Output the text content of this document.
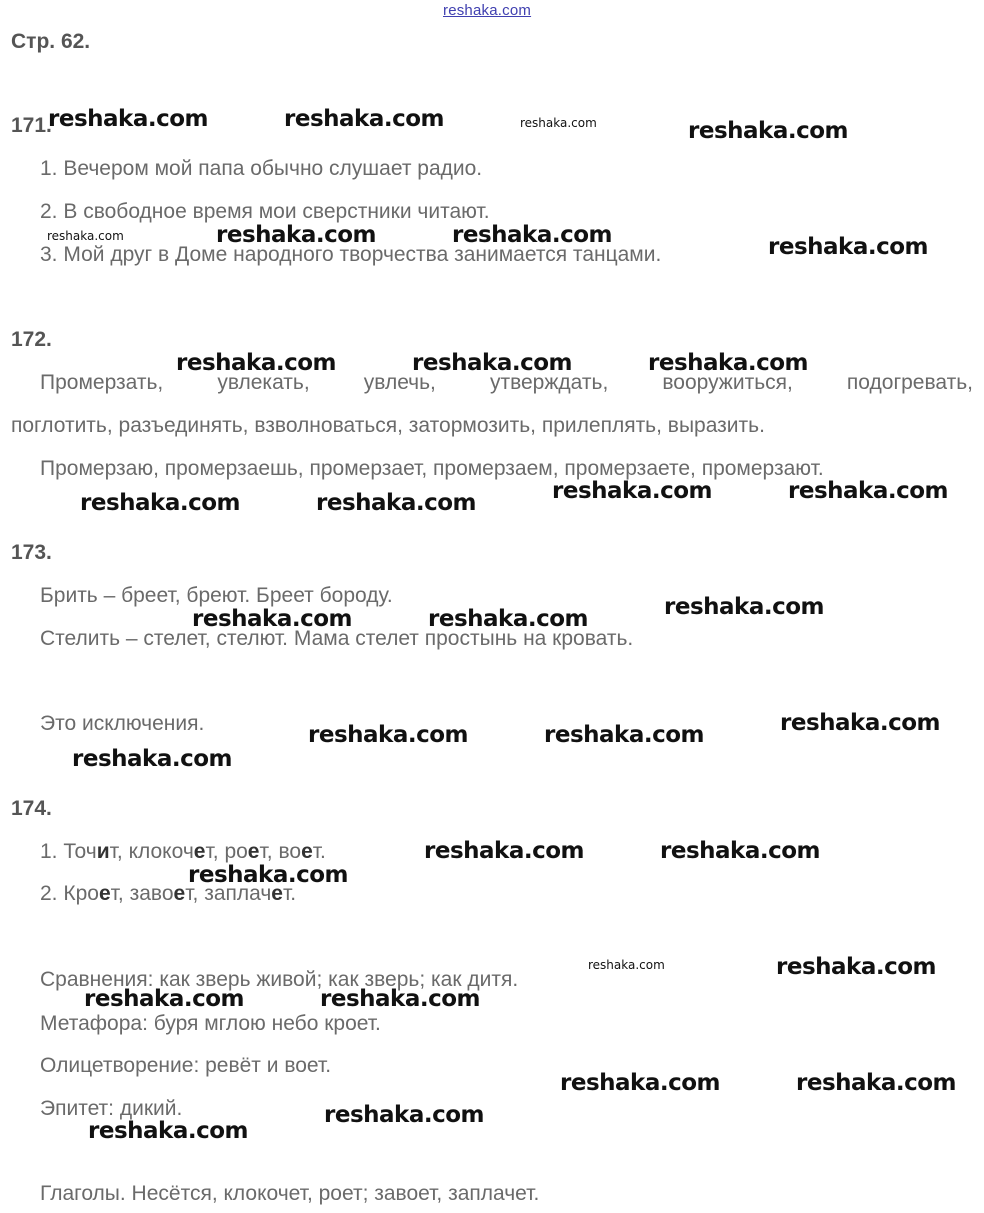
reshaka.com
Стр. 62.
171.
1. Вечером мой папа обычно слушает радио.
2. В свободное время мои сверстники читают.
3. Мой друг в Доме народного творчества занимается танцами.
172.
Промерзать,	увлекать,	увлечь,	утверждать,	вооружиться,	подогревать,
поглотить, разъединять, взволноваться, затормозить, прилеплять, выразить.
Промерзаю, промерзаешь, промерзает, промерзаем, промерзаете, промерзают.
173.
Брить – бреет, бреют. Бреет бороду.
Стелить – стелет, стелют. Мама стелет простынь на кровать.
Это исключения.
174.
1. Точит, клокочет, роет, воет.
2. Кроет, завоет, заплачет.
Сравнения: как зверь живой; как зверь; как дитя.
Метафора: буря мглою небо кроет.
Олицетворение: ревёт и воет.
Эпитет: дикий.
Глаголы. Несётся, клокочет, роет; завоет, заплачет.
reshaka.com	reshaka.com	reshaka.com	reshaka.com
reshaka.com	reshaka.com	reshaka.com	reshaka.com
reshaka.com	reshaka.com	reshaka.com
reshaka.com	reshaka.com
reshaka.com	reshaka.com
reshaka.com
reshaka.com	reshaka.com
reshaka.com
reshaka.com	reshaka.com
reshaka.com
reshaka.com	reshaka.com
reshaka.com
reshaka.com	reshaka.com
reshaka.com	reshaka.com
reshaka.com	reshaka.com
reshaka.com
reshaka.com
